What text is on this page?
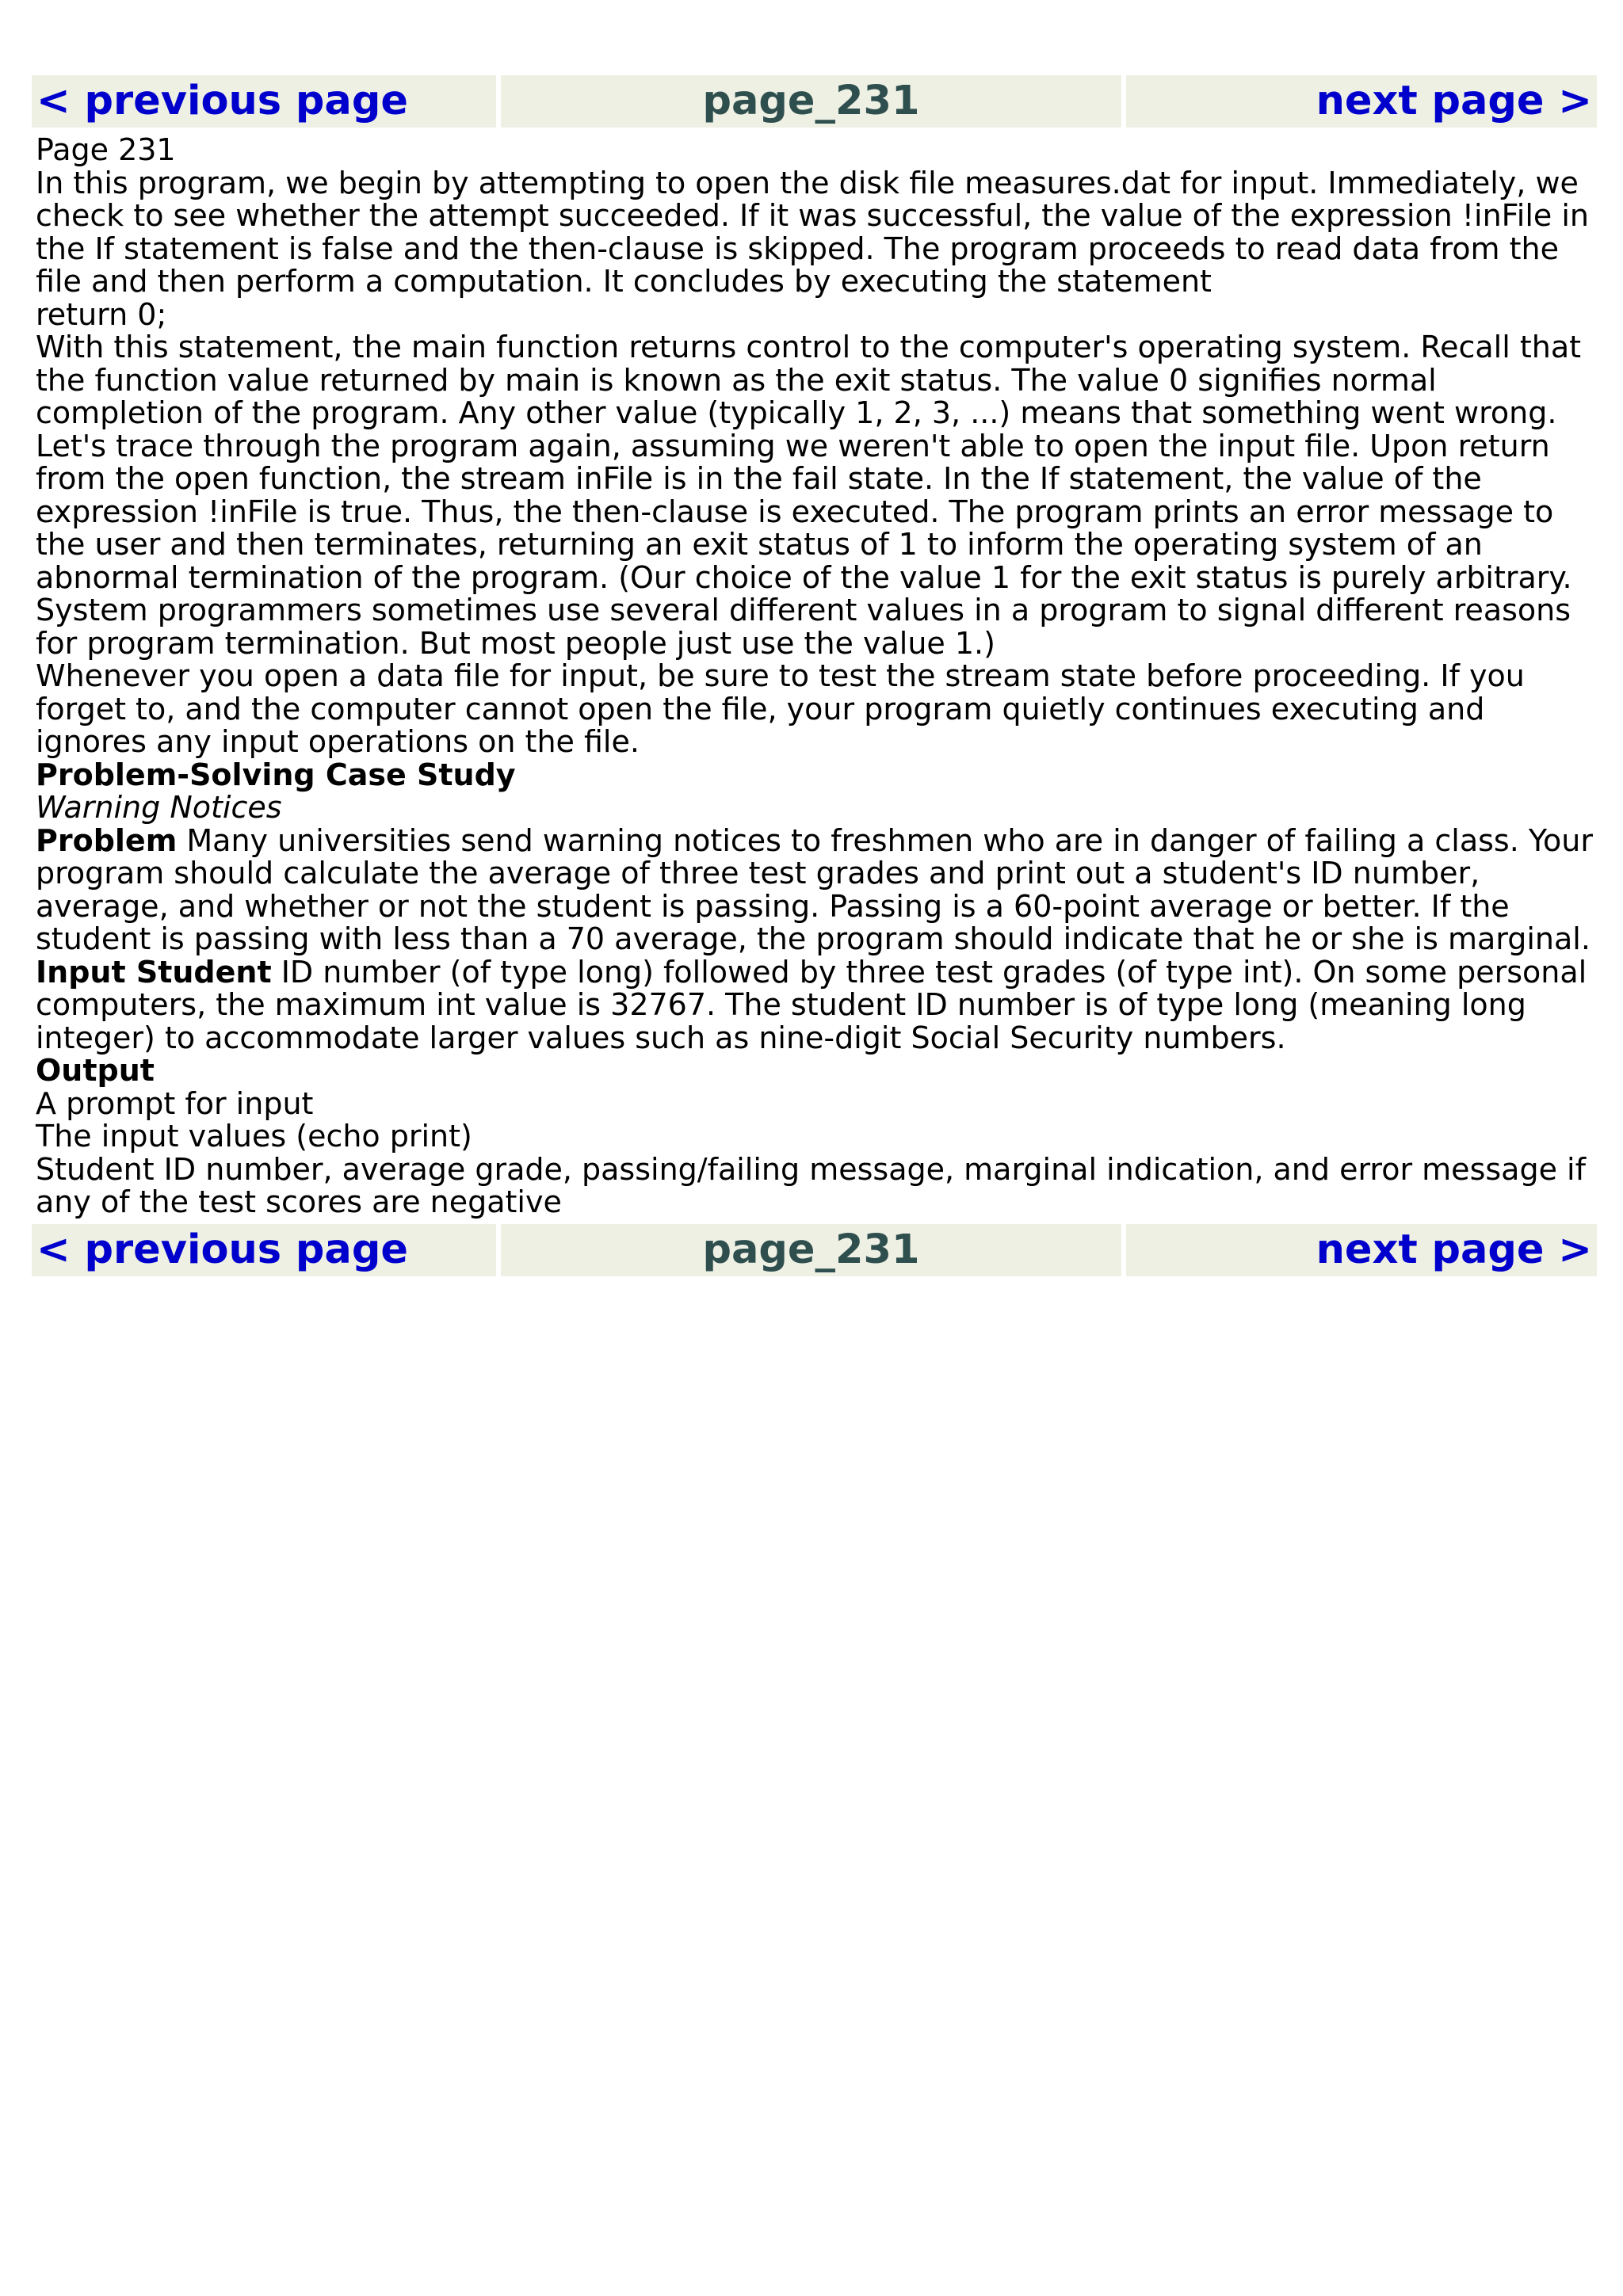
< previous page	page_231	next page >

Page 231

In this program, we begin by attempting to open the disk file measures.dat for input. Immediately, we check to see whether the attempt succeeded. If it was successful, the value of the expression !inFile in the If statement is false and the then-clause is skipped. The program proceeds to read data from the file and then perform a computation. It concludes by executing the statement

return 0;

With this statement, the main function returns control to the computer's operating system. Recall that the function value returned by main is known as the exit status. The value 0 signifies normal completion of the program. Any other value (typically 1, 2, 3, ...) means that something went wrong.

Let's trace through the program again, assuming we weren't able to open the input file. Upon return from the open function, the stream inFile is in the fail state. In the If statement, the value of the expression !inFile is true. Thus, the then-clause is executed. The program prints an error message to the user and then terminates, returning an exit status of 1 to inform the operating system of an abnormal termination of the program. (Our choice of the value 1 for the exit status is purely arbitrary. System programmers sometimes use several different values in a program to signal different reasons for program termination. But most people just use the value 1.)

Whenever you open a data file for input, be sure to test the stream state before proceeding. If you forget to, and the computer cannot open the file, your program quietly continues executing and ignores any input operations on the file.

Problem-Solving Case Study

Warning Notices

Problem Many universities send warning notices to freshmen who are in danger of failing a class. Your program should calculate the average of three test grades and print out a student's ID number, average, and whether or not the student is passing. Passing is a 60-point average or better. If the student is passing with less than a 70 average, the program should indicate that he or she is marginal.

Input Student ID number (of type long) followed by three test grades (of type int). On some personal computers, the maximum int value is 32767. The student ID number is of type long (meaning long integer) to accommodate larger values such as nine-digit Social Security numbers.

Output

A prompt for input

The input values (echo print)

Student ID number, average grade, passing/failing message, marginal indication, and error message if any of the test scores are negative

< previous page	page_231	next page >
